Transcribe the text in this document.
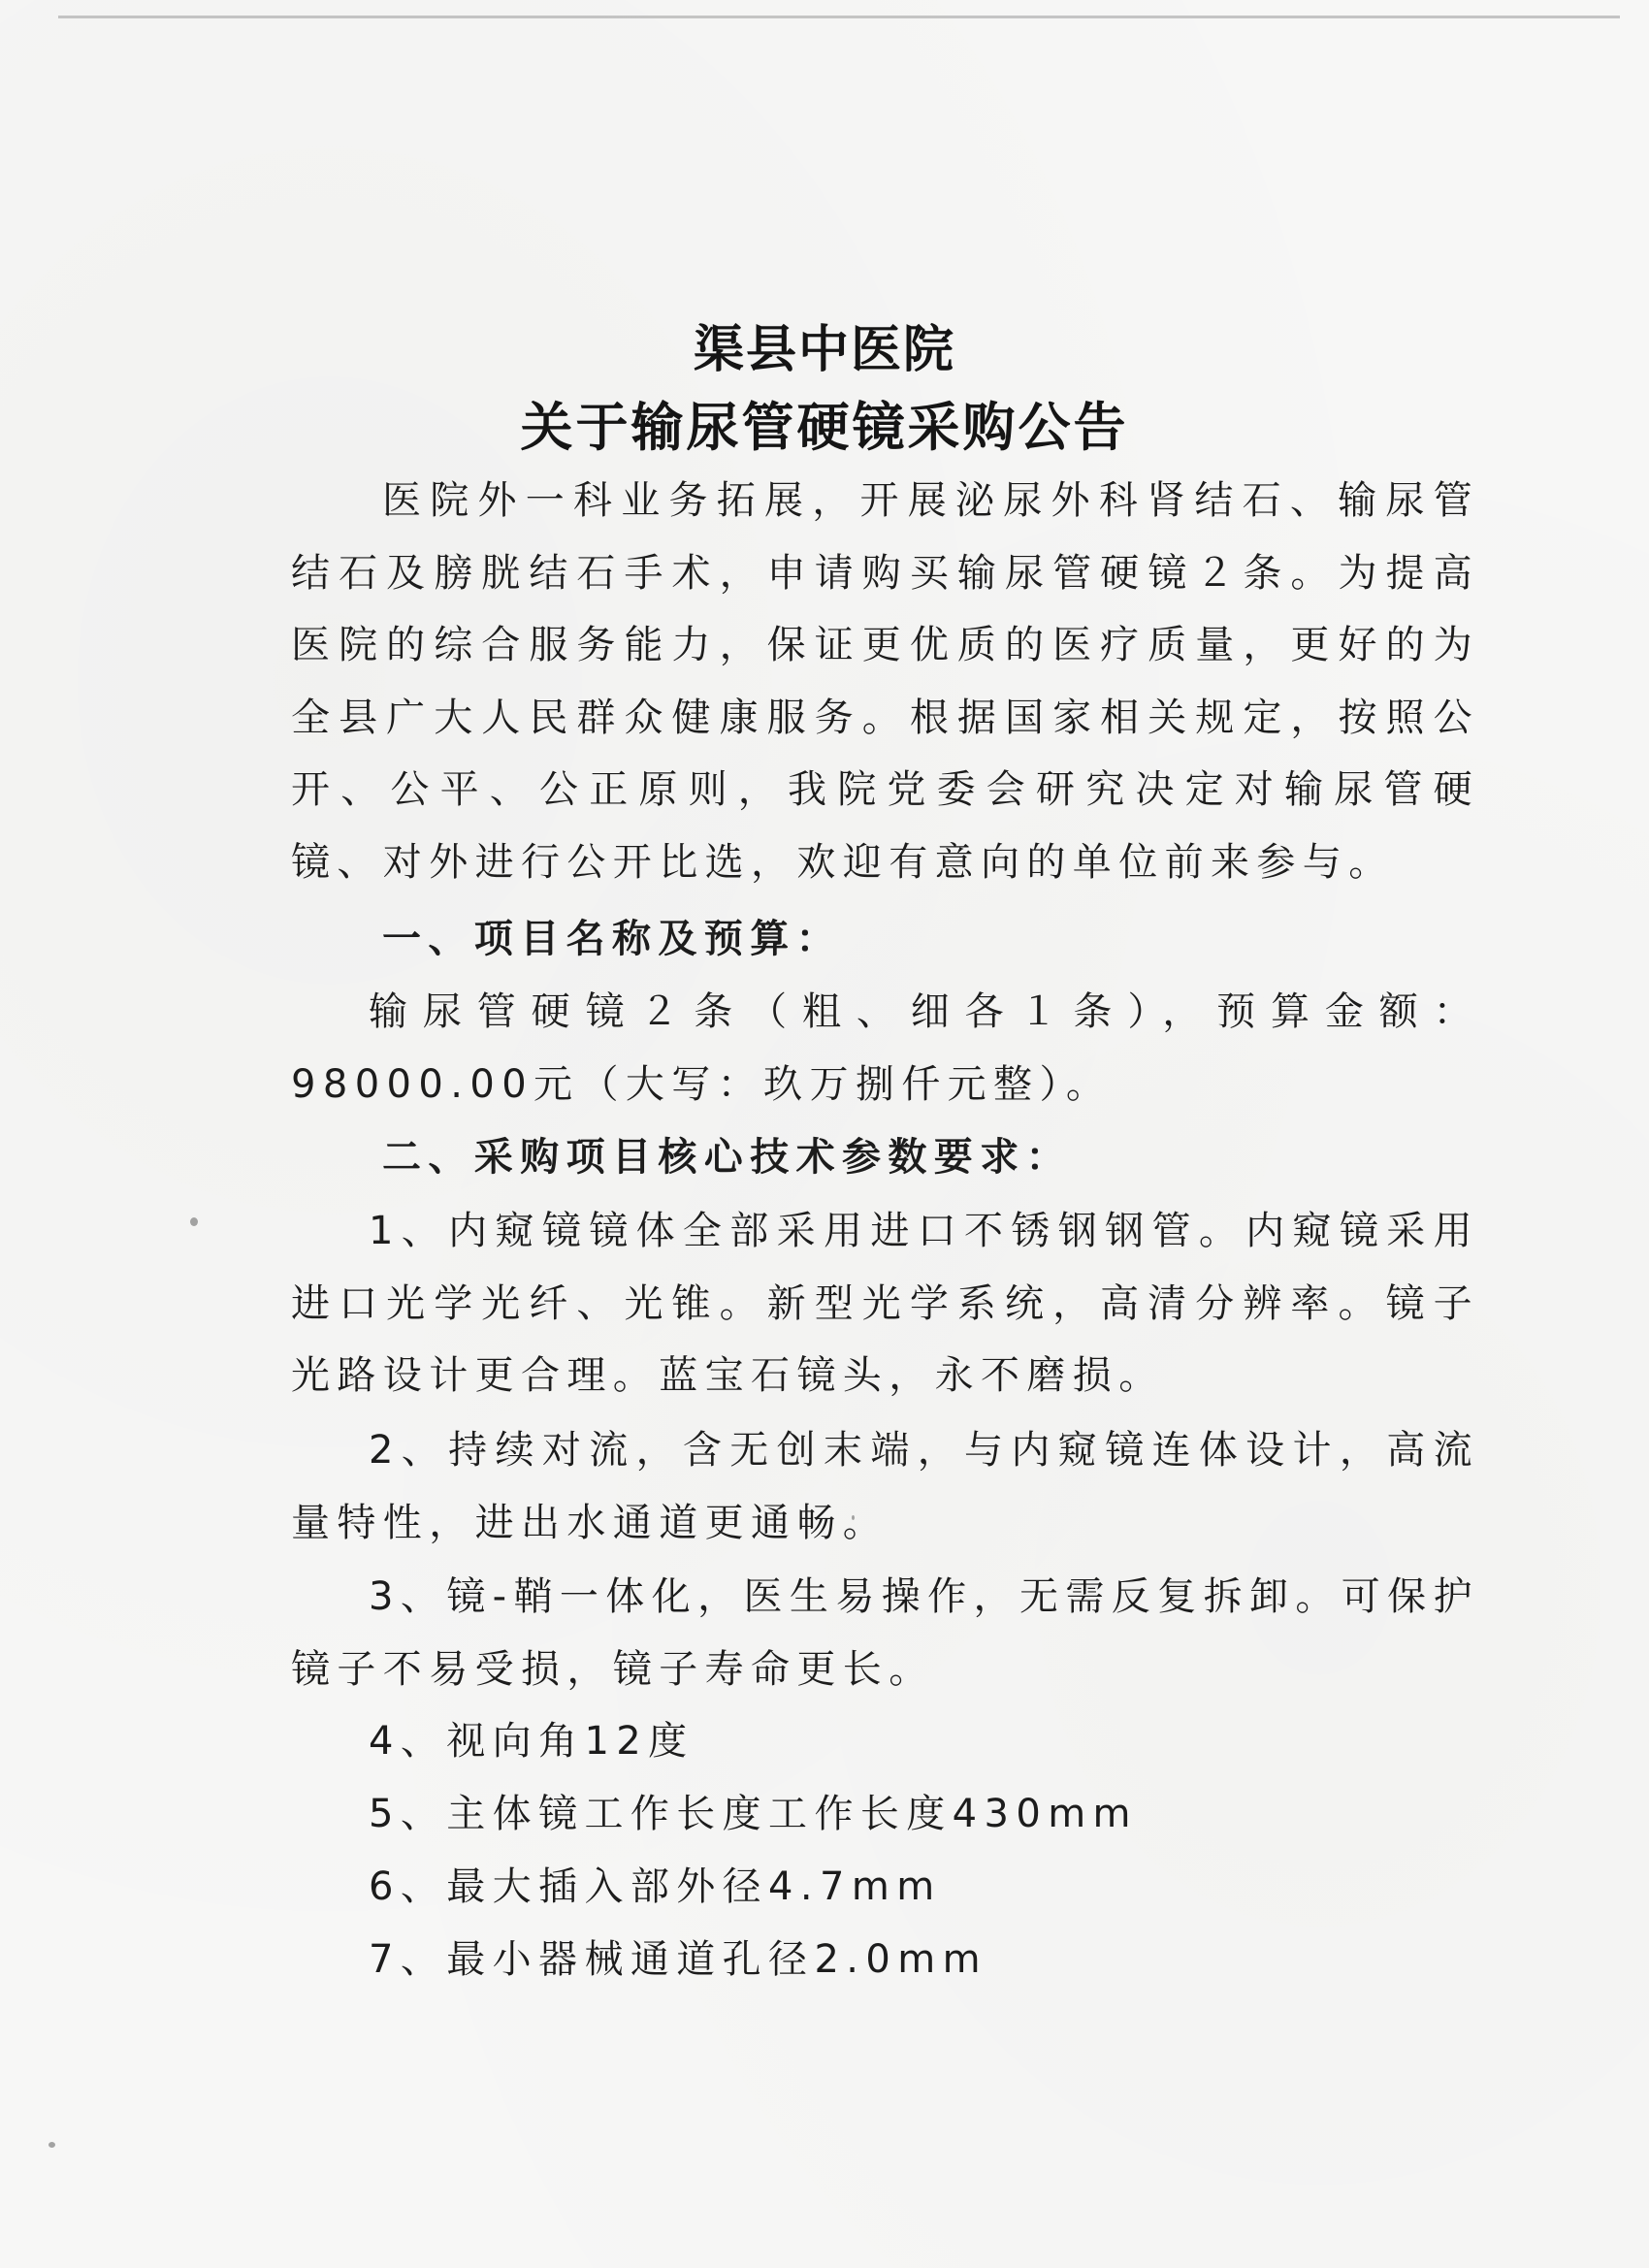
渠县中医院
关于输尿管硬镜采购公告

医院外一科业务拓展，开展泌尿外科肾结石、输尿管结石及膀胱结石手术，申请购买输尿管硬镜２条。为提高医院的综合服务能力，保证更优质的医疗质量，更好的为全县广大人民群众健康服务。根据国家相关规定，按照公开、公平、公正原则，我院党委会研究决定对输尿管硬镜、对外进行公开比选，欢迎有意向的单位前来参与。

一、项目名称及预算：

输尿管硬镜２条（粗、细各１条），预算金额：98000.00元（大写：玖万捌仟元整）。

二、采购项目核心技术参数要求：

1、内窥镜镜体全部采用进口不锈钢钢管。内窥镜采用进口光学光纤、光锥。新型光学系统，高清分辨率。镜子光路设计更合理。蓝宝石镜头，永不磨损。

2、持续对流，含无创末端，与内窥镜连体设计，高流量特性，进出水通道更通畅。

3、镜-鞘一体化，医生易操作，无需反复拆卸。可保护镜子不易受损，镜子寿命更长。

4、视向角12度

5、主体镜工作长度工作长度430mm

6、最大插入部外径4.7mm

7、最小器械通道孔径2.0mm
